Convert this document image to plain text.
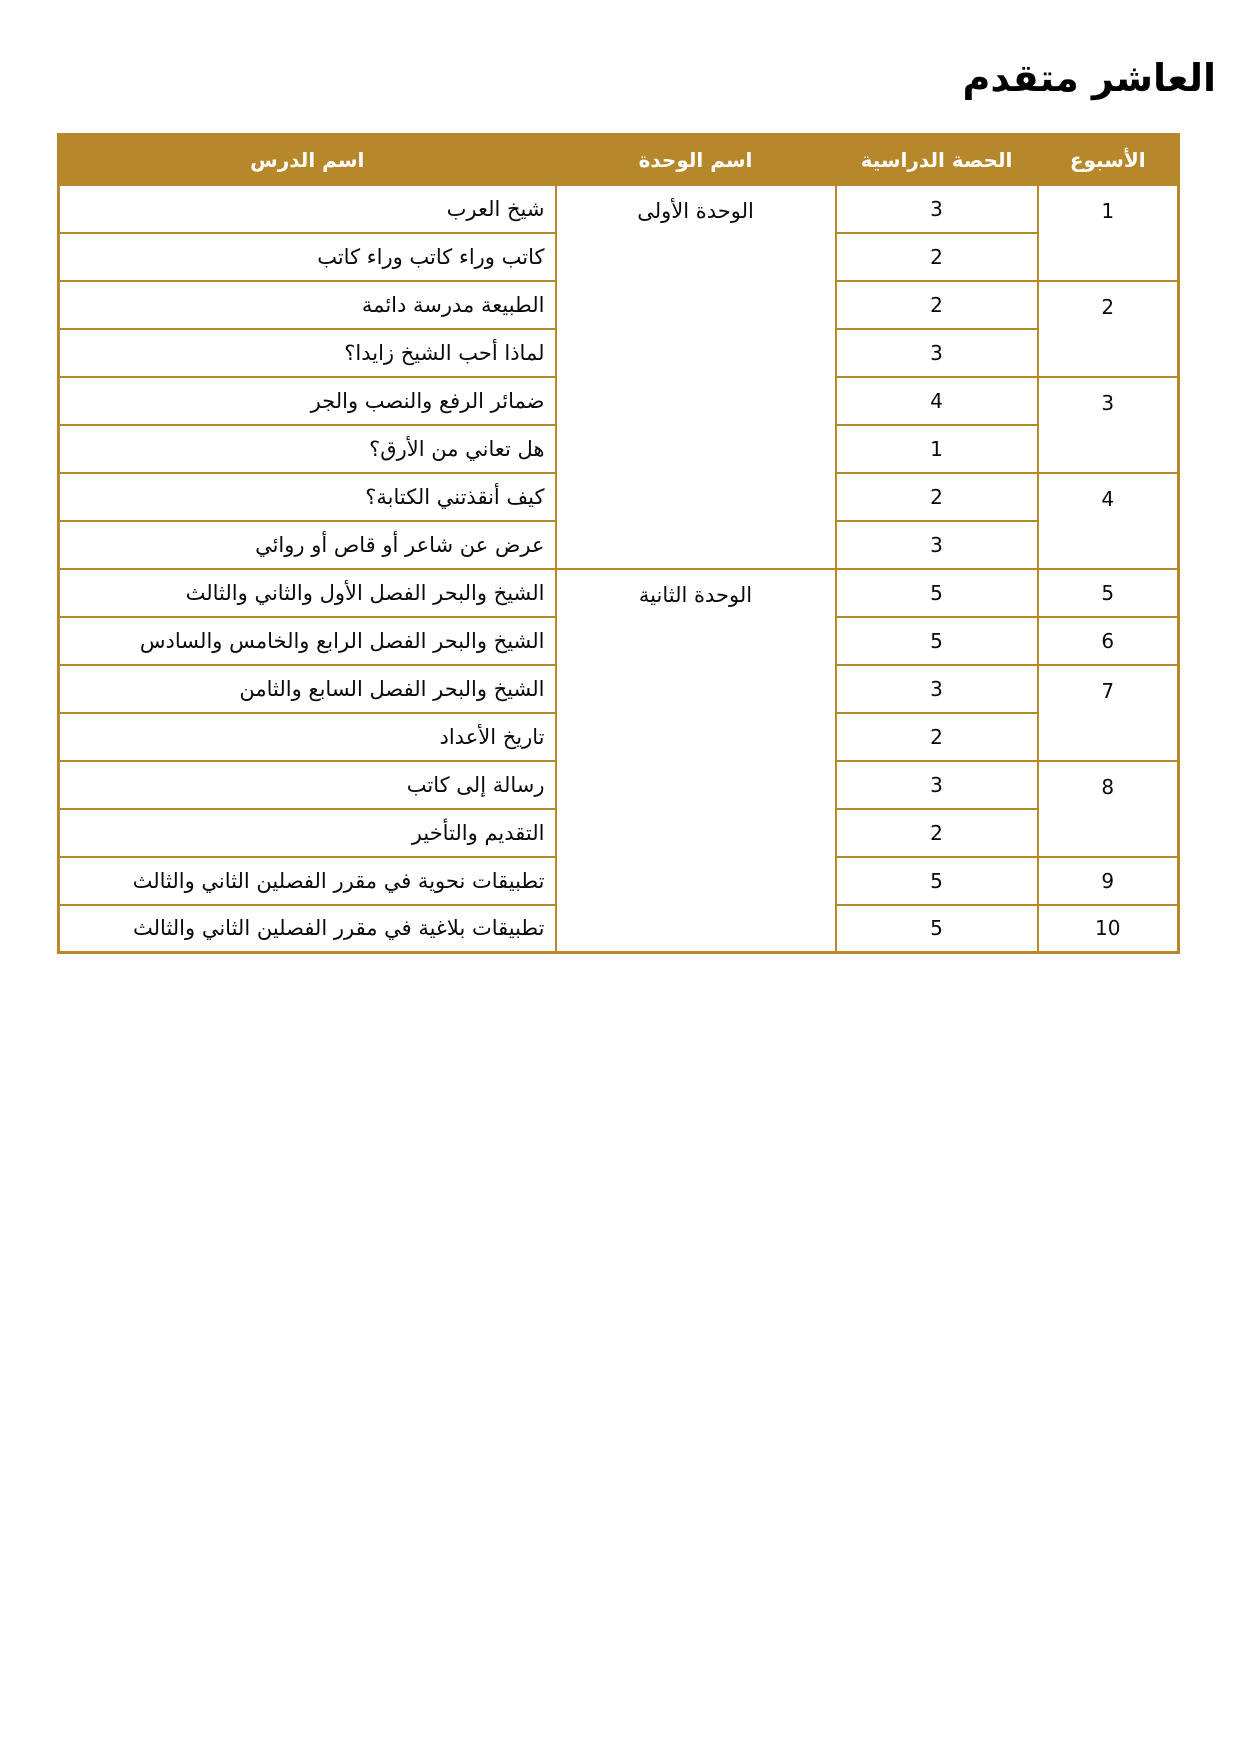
العاشر متقدم
الأسبوع	الحصة الدراسية	اسم الوحدة	اسم الدرس

1	3	الوحدة الأولى	شيخ العرب
	2		كاتب وراء كاتب وراء كاتب

2	2		الطبيعة مدرسة دائمة
	3		لماذا أحب الشيخ زايدا؟

3	4		ضمائر الرفع والنصب والجر
	1		هل تعاني من الأرق؟

4	2		كيف أنقذتني الكتابة؟
	3		عرض عن شاعر أو قاص أو روائي
5	5	الوحدة الثانية	الشيخ والبحر الفصل الأول والثاني والثالث
6	5		الشيخ والبحر الفصل الرابع والخامس والسادس

7	3		الشيخ والبحر الفصل السابع والثامن
	2		تاريخ الأعداد

8	3		رسالة إلى كاتب
	2		التقديم والتأخير
9	5		تطبيقات نحوية في مقرر الفصلين الثاني والثالث
10	5		تطبيقات بلاغية في مقرر الفصلين الثاني والثالث
